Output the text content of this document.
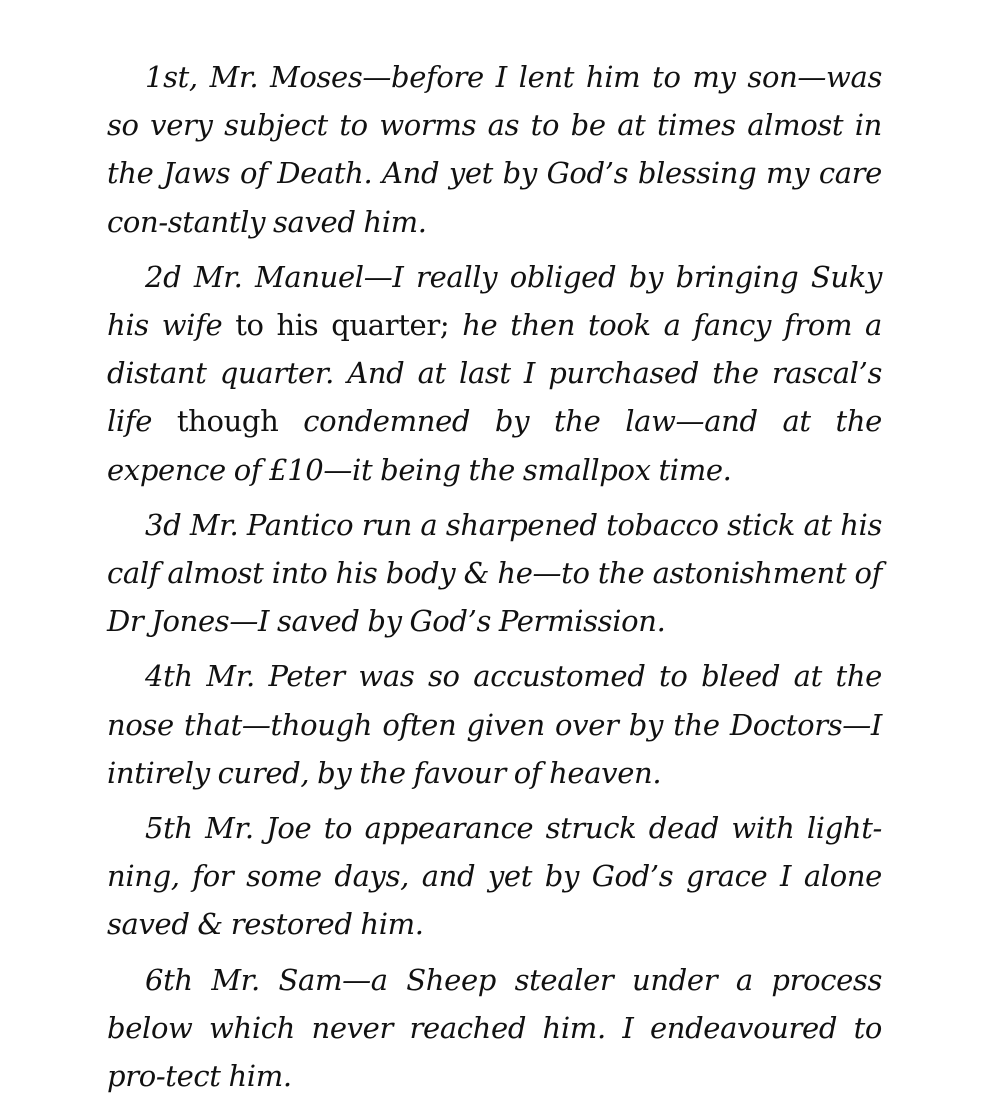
1st, Mr. Moses—before I lent him to my son—was so very subject to worms as to be at times almost in the Jaws of Death. And yet by God’s blessing my care con-stantly saved him.

2d Mr. Manuel—I really obliged by bringing Suky his wife to his quarter; he then took a fancy from a distant quarter. And at last I purchased the rascal’s life though condemned by the law—and at the expence of £10—it being the smallpox time.

3d Mr. Pantico run a sharpened tobacco stick at his calf almost into his body & he—to the astonishment of Dr Jones—I saved by God’s Permission.

4th Mr. Peter was so accustomed to bleed at the nose that—though often given over by the Doctors—I intirely cured, by the favour of heaven.

5th Mr. Joe to appearance struck dead with light-ning, for some days, and yet by God’s grace I alone saved & restored him.

6th Mr. Sam—a Sheep stealer under a process below which never reached him. I endeavoured to pro-tect him.
